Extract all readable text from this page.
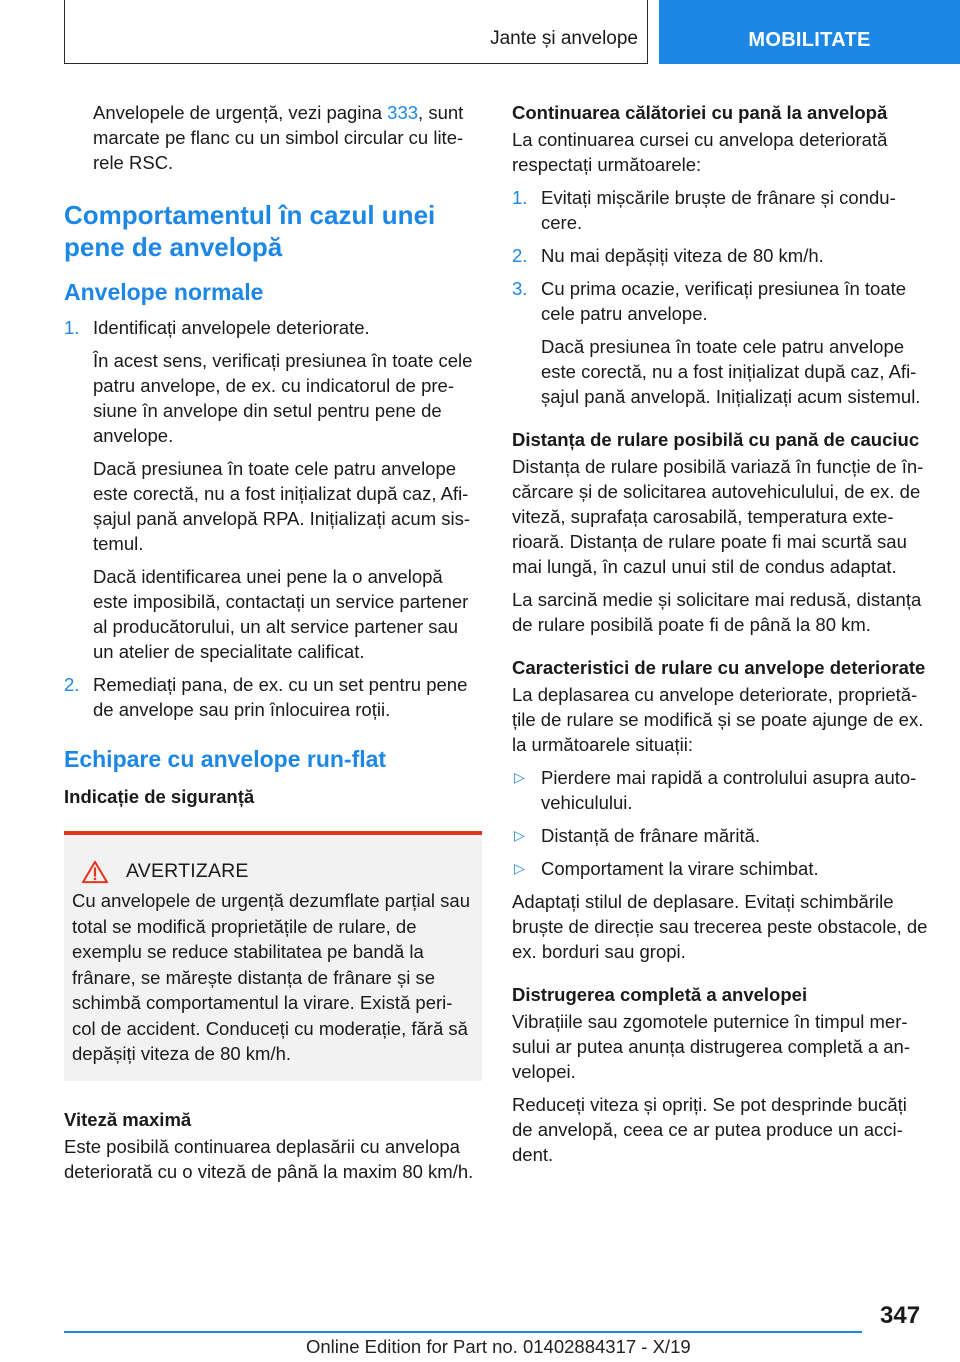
Jante și anvelope	MOBILITATE

Anvelopele de urgență, vezi pagina 333, sunt marcate pe flanc cu un simbol circular cu lite‐rele RSC.

Comportamentul în cazul unei pene de anvelopă
Anvelope normale
1. Identificați anvelopele deteriorate.

În acest sens, verificați presiunea în toate cele patru anvelope, de ex. cu indicatorul de pre‐siune în anvelope din setul pentru pene de anvelope.

Dacă presiunea în toate cele patru anvelope este corectă, nu a fost inițializat după caz, Afi‐șajul pană anvelopă RPA. Inițializați acum sis‐temul.

Dacă identificarea unei pene la o anvelopă este imposibilă, contactați un service partener al producătorului, un alt service partener sau un atelier de specialitate calificat.

2. Remediați pana, de ex. cu un set pentru pene de anvelope sau prin înlocuirea roții.

Echipare cu anvelope run-flat
Indicație de siguranță
AVERTIZARE
Cu anvelopele de urgență dezumflate parțial sau total se modifică proprietățile de rulare, de exemplu se reduce stabilitatea pe bandă la frânare, se mărește distanța de frânare și se schimbă comportamentul la virare. Există peri‐col de accident. Conduceți cu moderație, fără să depășiți viteza de 80 km/h.
Viteză maximă

Este posibilă continuarea deplasării cu anvelopa deteriorată cu o viteză de până la maxim 80 km/h.

Continuarea călătoriei cu pană la anvelopă

La continuarea cursei cu anvelopa deteriorată respectați următoarele:

1. Evitați mișcările bruște de frânare și condu‐cere.

2. Nu mai depășiți viteza de 80 km/h.

3. Cu prima ocazie, verificați presiunea în toate cele patru anvelope.

Dacă presiunea în toate cele patru anvelope este corectă, nu a fost inițializat după caz, Afi‐șajul pană anvelopă. Inițializați acum sistemul.

Distanța de rulare posibilă cu pană de cauciuc

Distanța de rulare posibilă variază în funcție de în‐cărcare și de solicitarea autovehiculului, de ex. de viteză, suprafața carosabilă, temperatura exte‐rioară. Distanța de rulare poate fi mai scurtă sau mai lungă, în cazul unui stil de condus adaptat.

La sarcină medie și solicitare mai redusă, distanța de rulare posibilă poate fi de până la 80 km.

Caracteristici de rulare cu anvelope deteriorate

La deplasarea cu anvelope deteriorate, proprietă‐țile de rulare se modifică și se poate ajunge de ex. la următoarele situații:

▷ Pierdere mai rapidă a controlului asupra auto‐vehiculului.
▷ Distanță de frânare mărită.
▷ Comportament la virare schimbat.

Adaptați stilul de deplasare. Evitați schimbările bruște de direcție sau trecerea peste obstacole, de ex. borduri sau gropi.

Distrugerea completă a anvelopei

Vibrațiile sau zgomotele puternice în timpul mer‐sului ar putea anunța distrugerea completă a an‐velopei.

Reduceți viteza și opriți. Se pot desprinde bucăți de anvelopă, ceea ce ar putea produce un acci‐dent.

347
Online Edition for Part no. 01402884317 - X/19
